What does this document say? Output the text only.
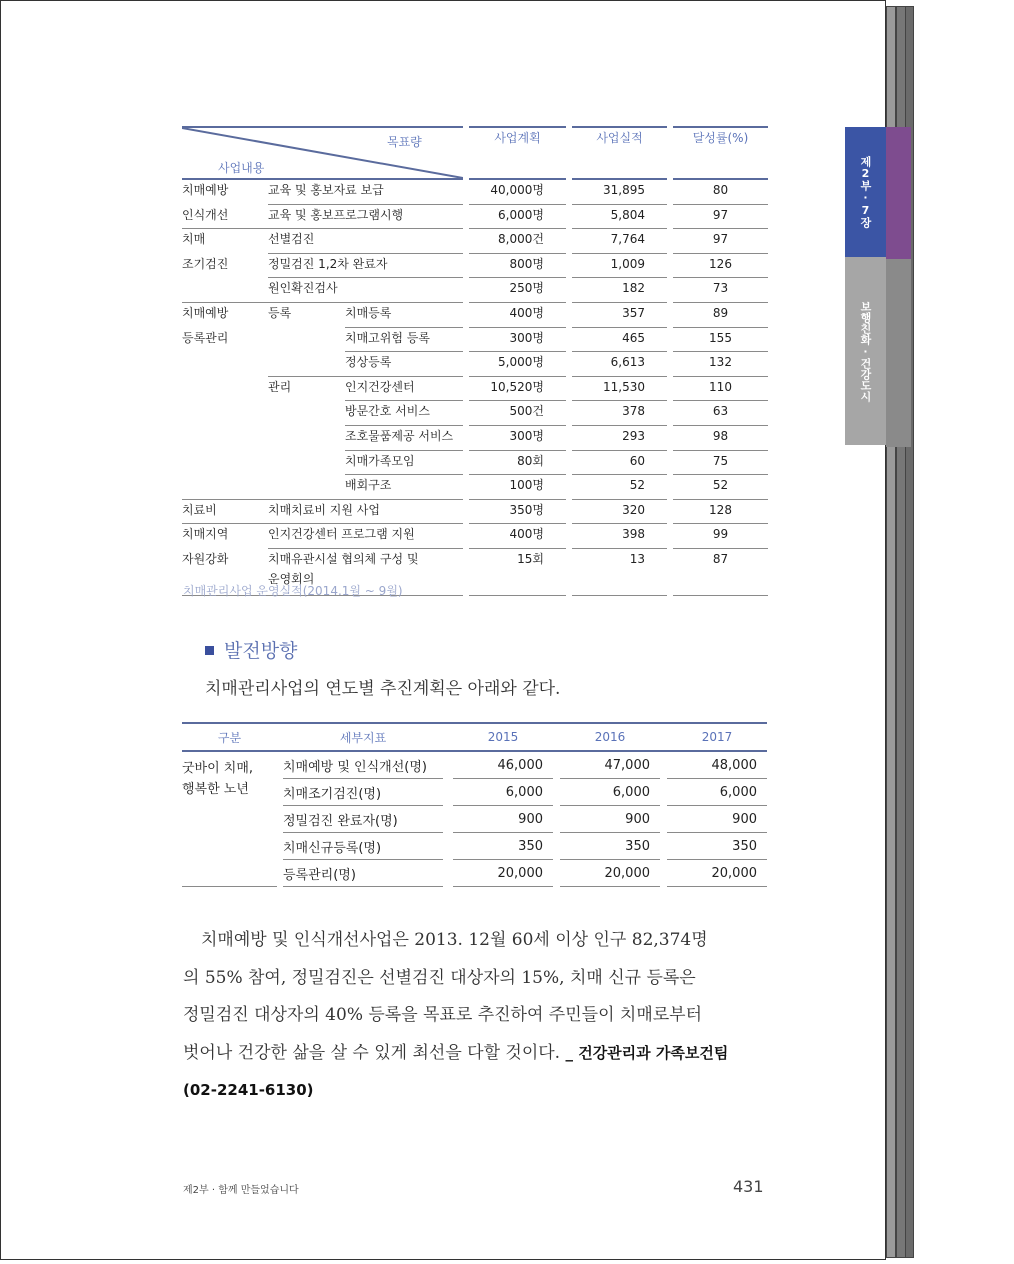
제2부·7장
보행친화·건강도시
목표량
사업내용				사업계획		사업실적		달성률(%)
치매예방	교육 및 홍보자료 보급			40,000명		31,895		80
인식개선	교육 및 홍보프로그램시행			6,000명		5,804		97
치매	선별검진			8,000건		7,764		97
조기검진	정밀검진 1,2차 완료자			800명		1,009		126
	원인확진검사			250명		182		73
치매예방	등록	치매등록		400명		357		89
등록관리		치매고위험 등록		300명		465		155
		정상등록		5,000명		6,613		132
	관리	인지건강센터		10,520명		11,530		110
		방문간호 서비스		500건		378		63
		조호물품제공 서비스		300명		293		98
		치매가족모임		80회		60		75
		배회구조		100명		52		52
치료비	치매치료비 지원 사업			350명		320		128
치매지역	인지건강센터 프로그램 지원			400명		398		99
자원강화	치매유관시설 협의체 구성 및
운영회의			15회		13		87
치매관리사업 운영실적(2014.1월 ~ 9월)
발전방향
치매관리사업의 연도별 추진계획은 아래와 같다.
구분		세부지표		2015		2016		2017

굿바이 치매,
행복한 노년		치매예방 및 인식개선(명)		46,000		47,000		48,000
		치매조기검진(명)		6,000		6,000		6,000
		정밀검진 완료자(명)		900		900		900
		치매신규등록(명)		350		350		350
		등록관리(명)		20,000		20,000		20,000
치매예방 및 인식개선사업은 2013. 12월 60세 이상 인구 82,374명
의 55% 참여, 정밀검진은 선별검진 대상자의 15%, 치매 신규 등록은
정밀검진 대상자의 40% 등록을 목표로 추진하여 주민들이 치매로부터
벗어나 건강한 삶을 살 수 있게 최선을 다할 것이다. _ 건강관리과 가족보건팀
(02-2241-6130)
제2부 · 함께 만들었습니다	431
